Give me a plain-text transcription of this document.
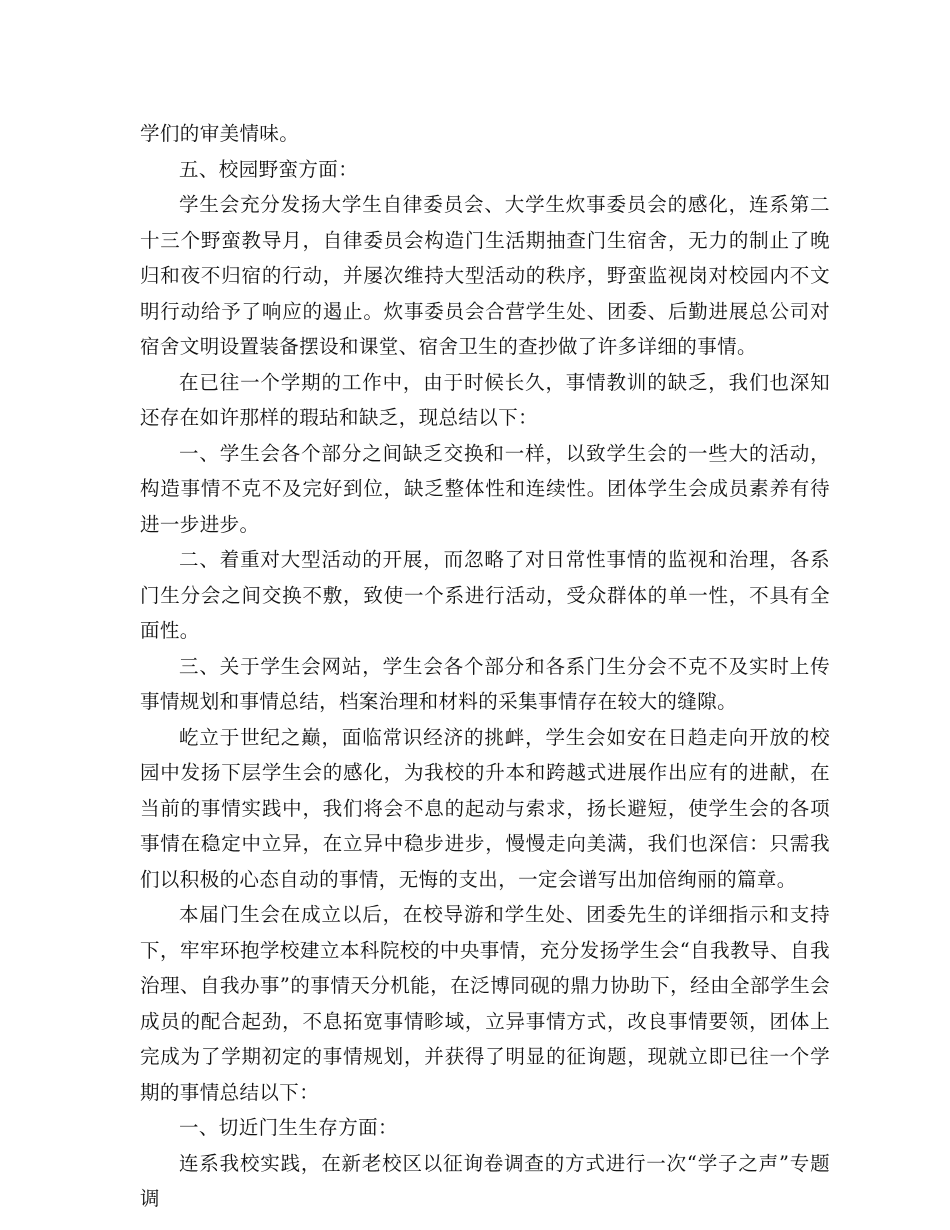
学们的审美情味。

五、校园野蛮方面：

学生会充分发扬大学生自律委员会、大学生炊事委员会的感化，连系第二十三个野蛮教导月，自律委员会构造门生活期抽查门生宿舍，无力的制止了晚归和夜不归宿的行动，并屡次维持大型活动的秩序，野蛮监视岗对校园内不文明行动给予了响应的遏止。炊事委员会合营学生处、团委、后勤进展总公司对宿舍文明设置装备摆设和课堂、宿舍卫生的查抄做了许多详细的事情。

在已往一个学期的工作中，由于时候长久，事情教训的缺乏，我们也深知还存在如许那样的瑕玷和缺乏，现总结以下：

一、学生会各个部分之间缺乏交换和一样，以致学生会的一些大的活动，构造事情不克不及完好到位，缺乏整体性和连续性。团体学生会成员素养有待进一步进步。

二、着重对大型活动的开展，而忽略了对日常性事情的监视和治理，各系门生分会之间交换不敷，致使一个系进行活动，受众群体的单一性，不具有全面性。

三、关于学生会网站，学生会各个部分和各系门生分会不克不及实时上传事情规划和事情总结，档案治理和材料的采集事情存在较大的缝隙。

屹立于世纪之巅，面临常识经济的挑衅，学生会如安在日趋走向开放的校园中发扬下层学生会的感化，为我校的升本和跨越式进展作出应有的进献，在当前的事情实践中，我们将会不息的起动与索求，扬长避短，使学生会的各项事情在稳定中立异，在立异中稳步进步，慢慢走向美满，我们也深信：只需我们以积极的心态自动的事情，无悔的支出，一定会谱写出加倍绚丽的篇章。

本届门生会在成立以后，在校导游和学生处、团委先生的详细指示和支持下，牢牢环抱学校建立本科院校的中央事情，充分发扬学生会“自我教导、自我治理、自我办事”的事情天分机能，在泛博同砚的鼎力协助下，经由全部学生会成员的配合起劲，不息拓宽事情畛域，立异事情方式，改良事情要领，团体上完成为了学期初定的事情规划，并获得了明显的征询题，现就立即已往一个学期的事情总结以下：

一、切近门生生存方面：

连系我校实践，在新老校区以征询卷调查的方式进行一次“学子之声”专题调
